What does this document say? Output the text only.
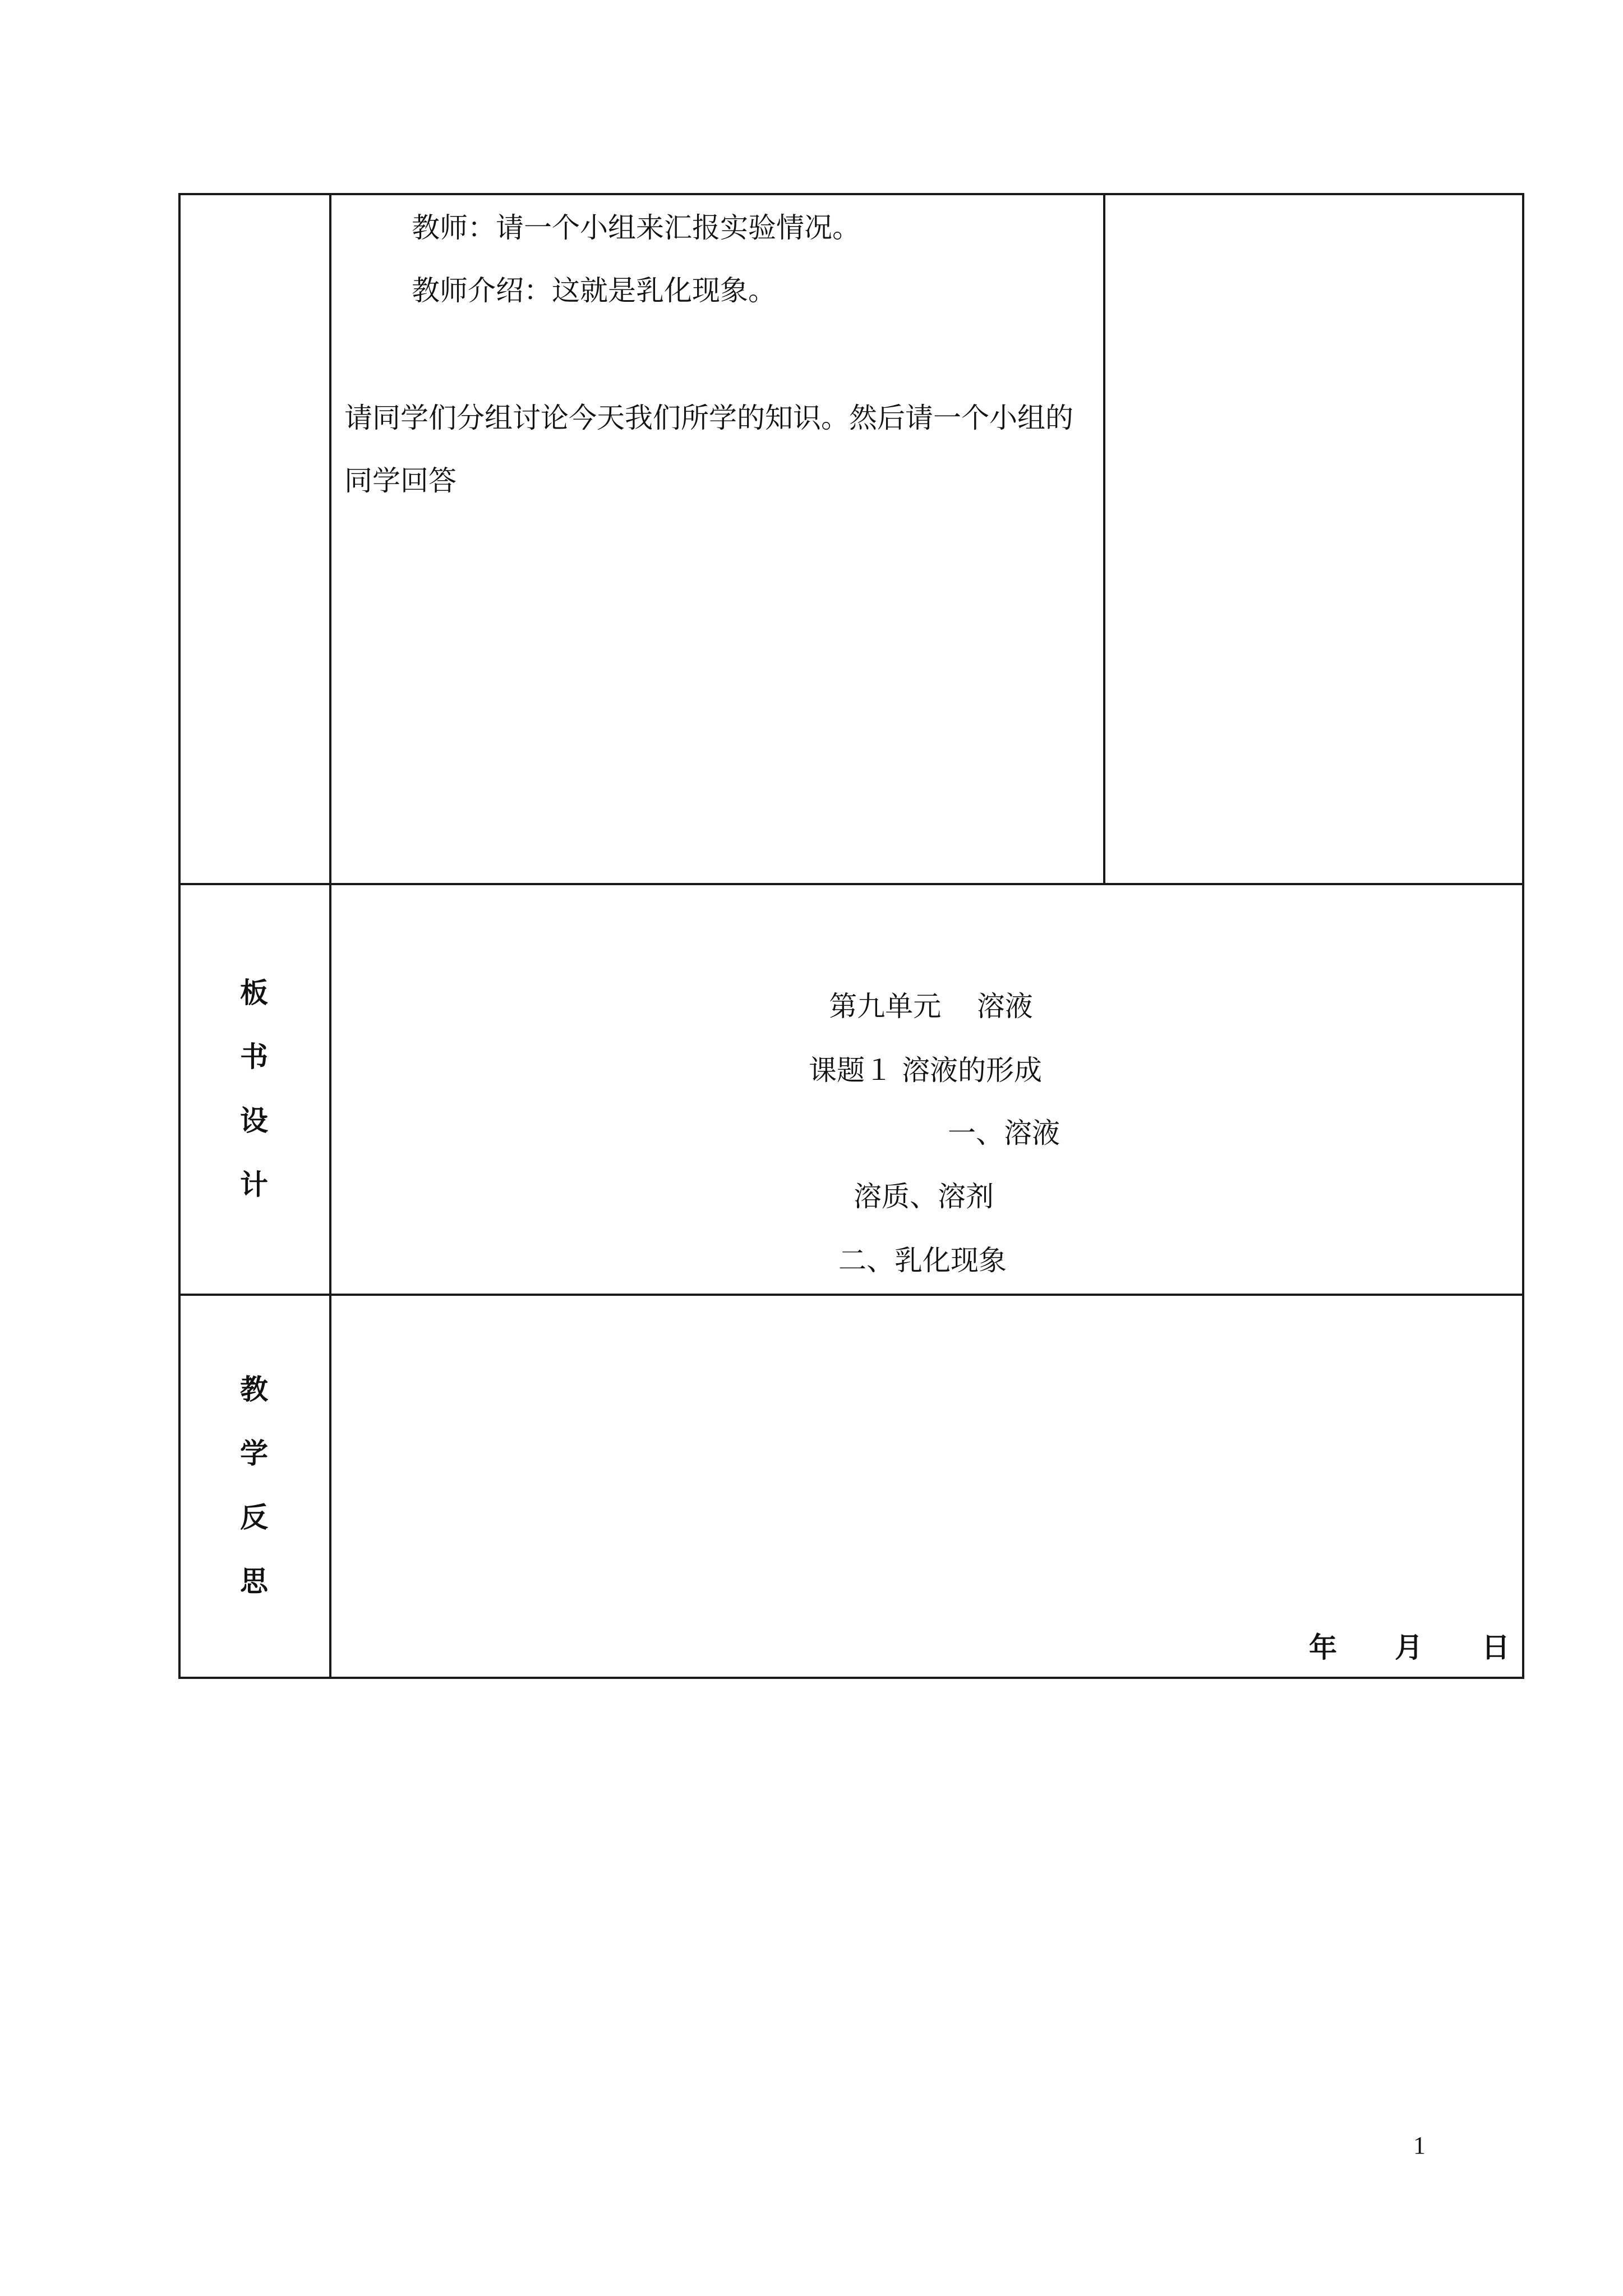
教师：请一个小组来汇报实验情况。
教师介绍：这就是乳化现象。
请同学们分组讨论今天我们所学的知识。然后请一个小组的
同学回答
板
书
设
计
第九单元    溶液
课题１ 溶液的形成
一、溶液
溶质、溶剂
二、乳化现象
教
学
反
思
年 月 日
1
